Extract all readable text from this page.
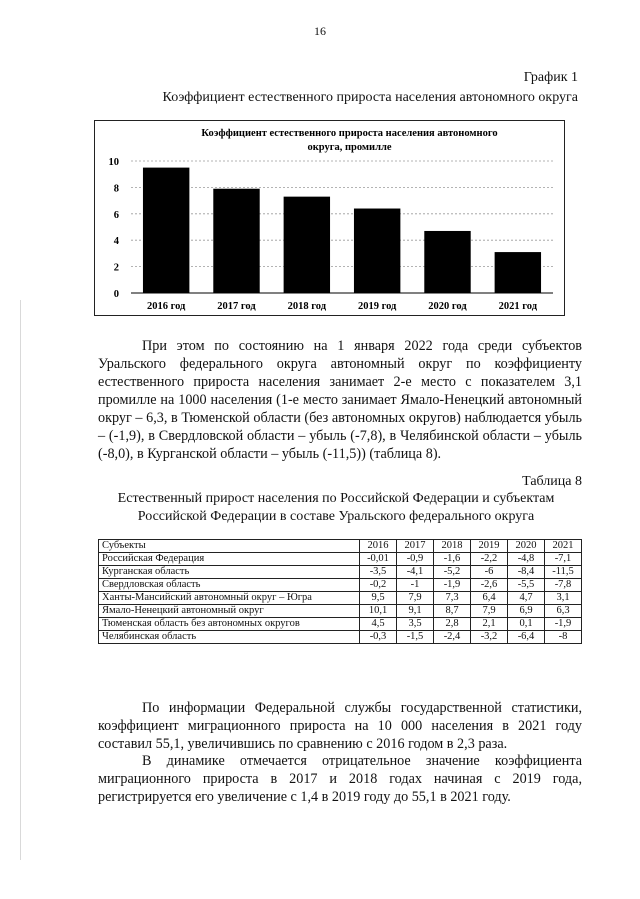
16
График 1
Коэффициент естественного прироста населения автономного округа
Коэффициент естественного прироста населения автономного
округа, промилле
0
2
4
6
8
10
2016 год	2017 год	2018 год	2019 год	2020 год	2021 год
При этом по состоянию на 1 января 2022 года среди субъектов Уральского федерального округа автономный округ по коэффициенту естественного прироста населения занимает 2-е место с показателем 3,1 промилле на 1000 населения (1-е место занимает Ямало-Ненецкий автономный округ – 6,3, в Тюменской области (без автономных округов) наблюдается убыль – (-1,9), в Свердловской области – убыль (-7,8), в Челябинской области – убыль (-8,0), в Курганской области – убыль (-11,5)) (таблица 8).
Таблица 8
Естественный прирост населения по Российской Федерации и субъектам Российской Федерации в составе Уральского федерального округа
Субъекты	2016	2017	2018	2019	2020	2021
Российская Федерация	-0,01	-0,9	-1,6	-2,2	-4,8	-7,1
Курганская область	-3,5	-4,1	-5,2	-6	-8,4	-11,5
Свердловская область	-0,2	-1	-1,9	-2,6	-5,5	-7,8
Ханты-Мансийский автономный округ – Югра	9,5	7,9	7,3	6,4	4,7	3,1
Ямало-Ненецкий автономный округ	10,1	9,1	8,7	7,9	6,9	6,3
Тюменская область без автономных округов	4,5	3,5	2,8	2,1	0,1	-1,9
Челябинская область	-0,3	-1,5	-2,4	-3,2	-6,4	-8
По информации Федеральной службы государственной статистики, коэффициент миграционного прироста на 10 000 населения в 2021 году составил 55,1, увеличившись по сравнению с 2016 годом в 2,3 раза.
В динамике отмечается отрицательное значение коэффициента миграционного прироста в 2017 и 2018 годах начиная с 2019 года, регистрируется его увеличение с 1,4 в 2019 году до 55,1 в 2021 году.
